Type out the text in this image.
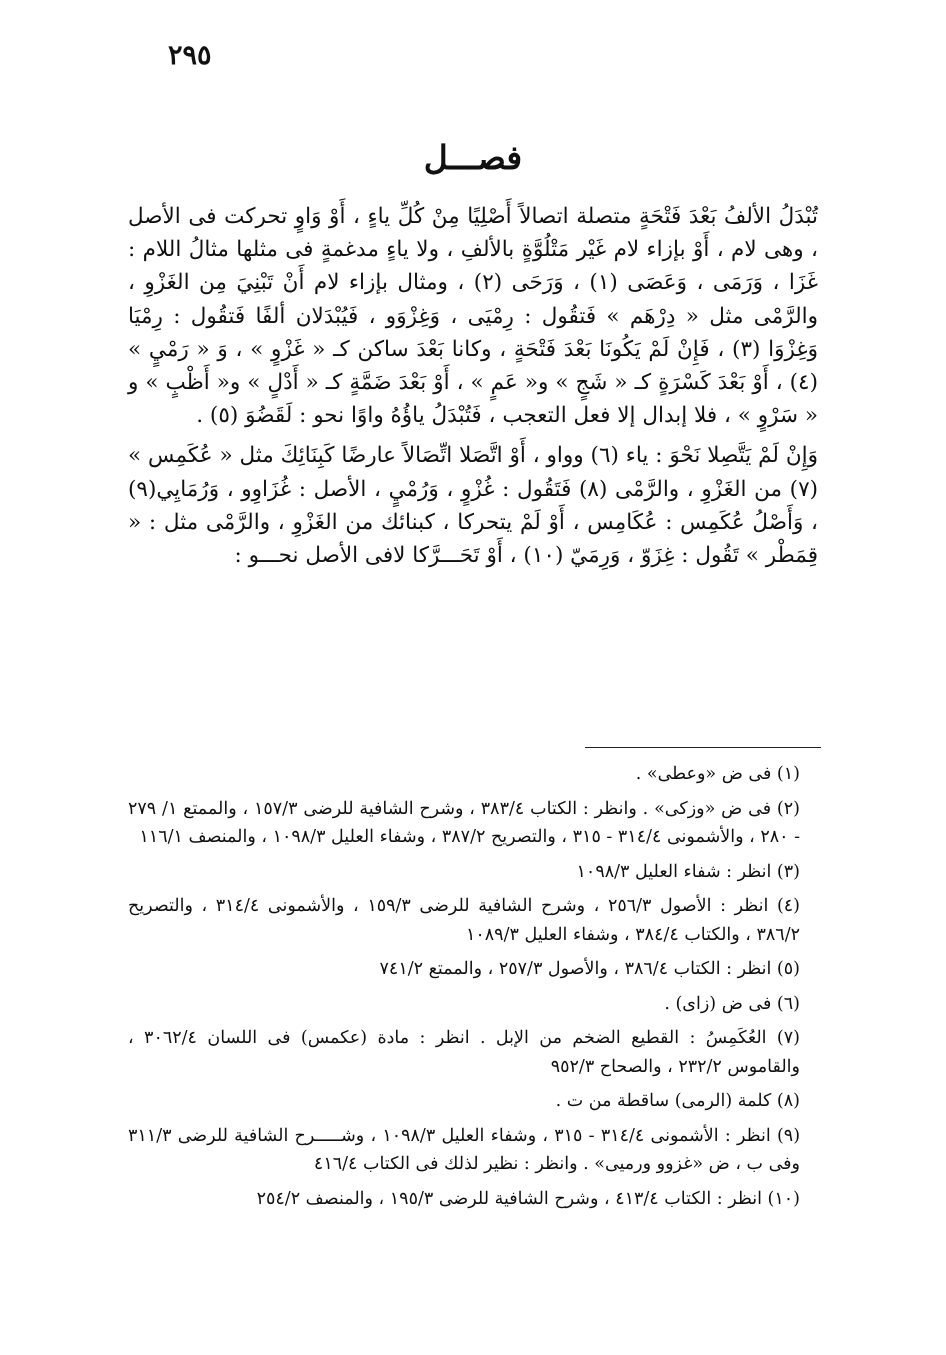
٢٩٥
فصـــل

تُبْدَلُ الألفُ بَعْدَ فَتْحَةٍ متصلة اتصالاً أَصْلِيًا مِنْ كُلِّ ياءٍ ، أَوْ وَاوٍ تحركت فى الأصل ، وهى لام ، أَوْ بإزاء لام غَيْر مَتْلُوَّةٍ بالألفِ ، ولا ياءٍ مدغمةٍ فى مثلها مثالُ اللام : غَزَا ، وَرَمَى ، وَعَصَى (١) ، وَرَحَى (٢) ، ومثال بإزاء لام أَنْ تَبْنِيَ مِن الغَزْوِ ، والرَّمْى مثل « دِرْهَم » فَتقُول : رِمْيَى ، وَغِزْوَو ، فَيُبْدَلان ألفًا فَتقُول : رِمْيَا وَغِزْوَا (٣) ، فَإِنْ لَمْ يَكُونَا بَعْدَ فَتْحَةٍ ، وكانا بَعْدَ ساكن كـ « غَزْوٍ » ، وَ « رَمْيٍ » (٤) ، أَوْ بَعْدَ كَسْرَةٍ كـ « شَجٍ » و« عَمٍ » ، أَوْ بَعْدَ ضَمَّةٍ كـ « أَدْلٍ » و« أَظْبٍ » و « سَرْوٍ » ، فلا إبدال إلا فعل التعجب ، فَتُبْدَلُ ياؤُهُ واوًا نحو : لَقَضُوَ (٥) .

وَإِنْ لَمْ يَتَّصِلا نَحْوَ : ياء (٦) وواو ، أَوْ اتَّصَلا اتِّصَالاً عارضًا كَبِنَائِكَ مثل « عُكَمِس » (٧) من الغَزْوِ ، والرَّمْى (٨) فَتَقُول : غُزْوٍ ، وَرُمْيٍ ، الأصل : غُزَاوِو ، وَرُمَايِي(٩) ، وَأَصْلُ عُكَمِس : عُكَامِس ، أَوْ لَمْ يتحركا ، كبنائك من الغَزْوِ ، والرَّمْى مثل : « قِمَطْر » تَقُول : غِزَوّ ، وَرِمَيّ (١٠) ، أَوْ تَحَـــرَّكا لافى الأصل نحـــو :

(١) فى ض «وعطى» .

(٢) فى ض «وزكى» . وانظر : الكتاب ٣٨٣/٤ ، وشرح الشافية للرضى ١٥٧/٣ ، والممتع ١/ ٢٧٩ - ٢٨٠ ، والأشمونى ٣١٤/٤ - ٣١٥ ، والتصريح ٣٨٧/٢ ، وشفاء العليل ١٠٩٨/٣ ، والمنصف ١١٦/١

(٣) انظر : شفاء العليل ١٠٩٨/٣

(٤) انظر : الأصول ٢٥٦/٣ ، وشرح الشافية للرضى ١٥٩/٣ ، والأشمونى ٣١٤/٤ ، والتصريح ٣٨٦/٢ ، والكتاب ٣٨٤/٤ ، وشفاء العليل ١٠٨٩/٣

(٥) انظر : الكتاب ٣٨٦/٤ ، والأصول ٢٥٧/٣ ، والممتع ٧٤١/٢

(٦) فى ض (زاى) .

(٧) العُكَمِسُ : القطيع الضخم من الإبل . انظر : مادة (عكمس) فى اللسان ٣٠٦٢/٤ ، والقاموس ٢٣٢/٢ ، والصحاح ٩٥٢/٣

(٨) كلمة (الرمى) ساقطة من ت .

(٩) انظر : الأشمونى ٣١٤/٤ - ٣١٥ ، وشفاء العليل ١٠٩٨/٣ ، وشـــــرح الشافية للرضى ٣١١/٣ وفى ب ، ض «غزوو ورميى» . وانظر : نظير لذلك فى الكتاب ٤١٦/٤

(١٠) انظر : الكتاب ٤١٣/٤ ، وشرح الشافية للرضى ١٩٥/٣ ، والمنصف ٢٥٤/٢
